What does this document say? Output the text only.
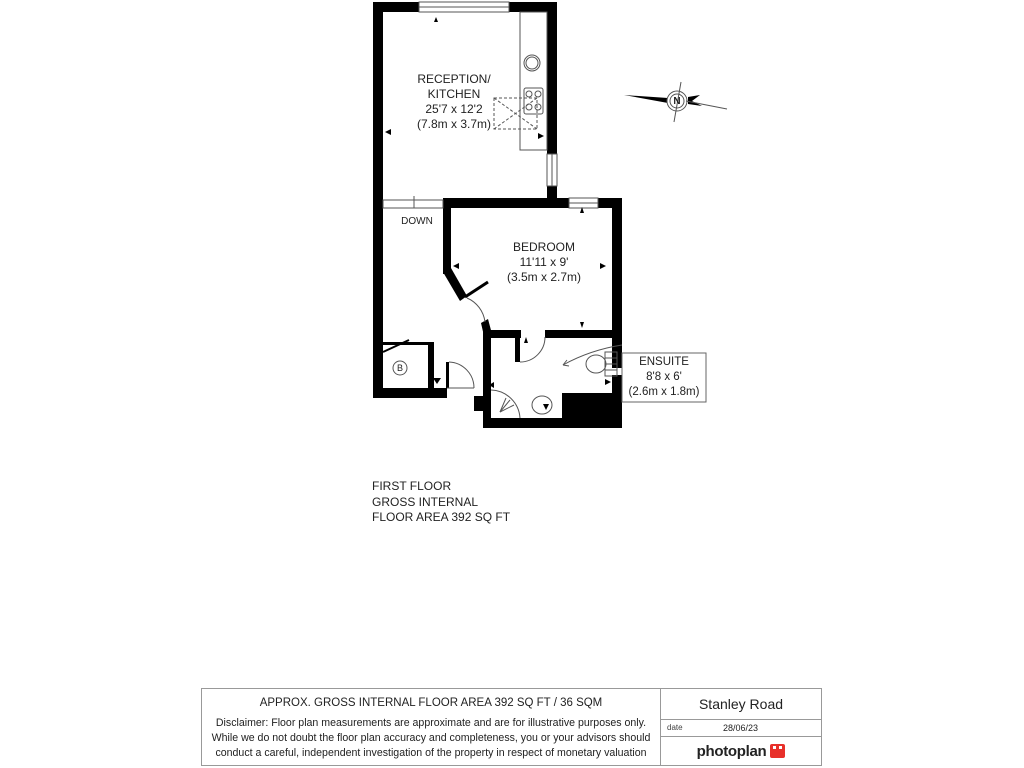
N
RECEPTION/
KITCHEN
25'7 x 12'2
(7.8m x 3.7m)
DOWN
BEDROOM
11'11 x 9'
(3.5m x 2.7m)
ENSUITE
8'8 x 6'
(2.6m x 1.8m)
B
FIRST FLOOR
GROSS INTERNAL
FLOOR AREA 392 SQ FT
APPROX. GROSS INTERNAL FLOOR AREA 392 SQ FT / 36 SQM
Disclaimer: Floor plan measurements are approximate and are for illustrative purposes only.
While we do not doubt the floor plan accuracy and completeness, you or your advisors should
conduct a careful, independent investigation of the property in respect of monetary valuation
Stanley Road
date	28/06/23
photoplan
